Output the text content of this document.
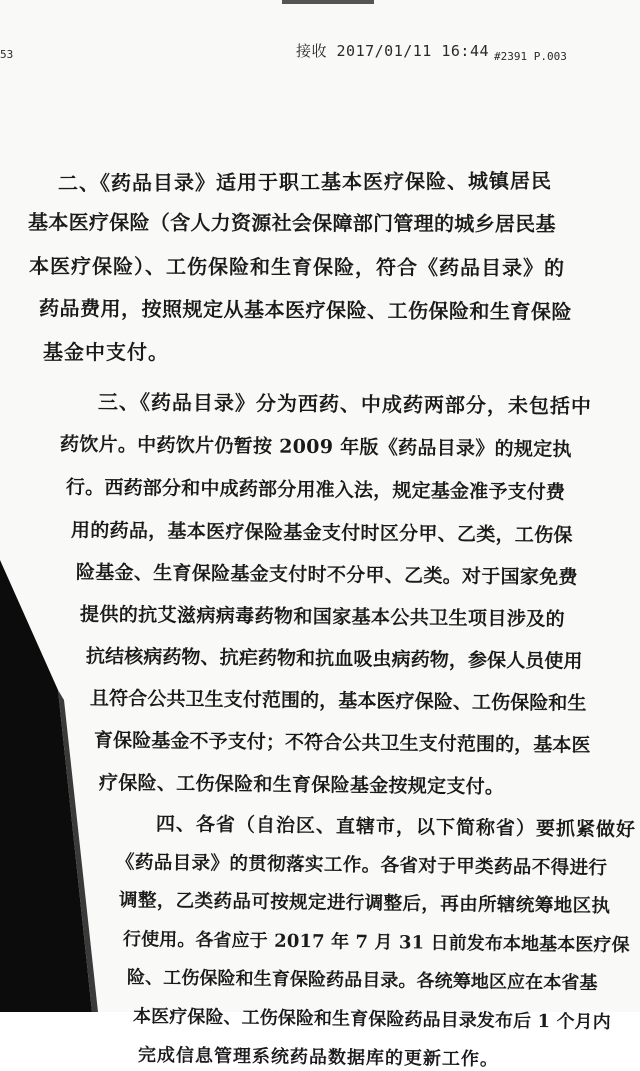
53	接收 2017/01/11 16:44 #2391 P.003
二、《药品目录》适用于职工基本医疗保险、城镇居民
基本医疗保险（含人力资源社会保障部门管理的城乡居民基
本医疗保险）、工伤保险和生育保险，符合《药品目录》的
药品费用，按照规定从基本医疗保险、工伤保险和生育保险
基金中支付。
三、《药品目录》分为西药、中成药两部分，未包括中
药饮片。中药饮片仍暂按 2009 年版《药品目录》的规定执
行。西药部分和中成药部分用准入法，规定基金准予支付费
用的药品，基本医疗保险基金支付时区分甲、乙类，工伤保
险基金、生育保险基金支付时不分甲、乙类。对于国家免费
提供的抗艾滋病病毒药物和国家基本公共卫生项目涉及的
抗结核病药物、抗疟药物和抗血吸虫病药物，参保人员使用
且符合公共卫生支付范围的，基本医疗保险、工伤保险和生
育保险基金不予支付；不符合公共卫生支付范围的，基本医
疗保险、工伤保险和生育保险基金按规定支付。
四、各省（自治区、直辖市，以下简称省）要抓紧做好
《药品目录》的贯彻落实工作。各省对于甲类药品不得进行
调整，乙类药品可按规定进行调整后，再由所辖统筹地区执
行使用。各省应于 2017 年 7 月 31 日前发布本地基本医疗保
险、工伤保险和生育保险药品目录。各统筹地区应在本省基
本医疗保险、工伤保险和生育保险药品目录发布后 1 个月内
完成信息管理系统药品数据库的更新工作。
